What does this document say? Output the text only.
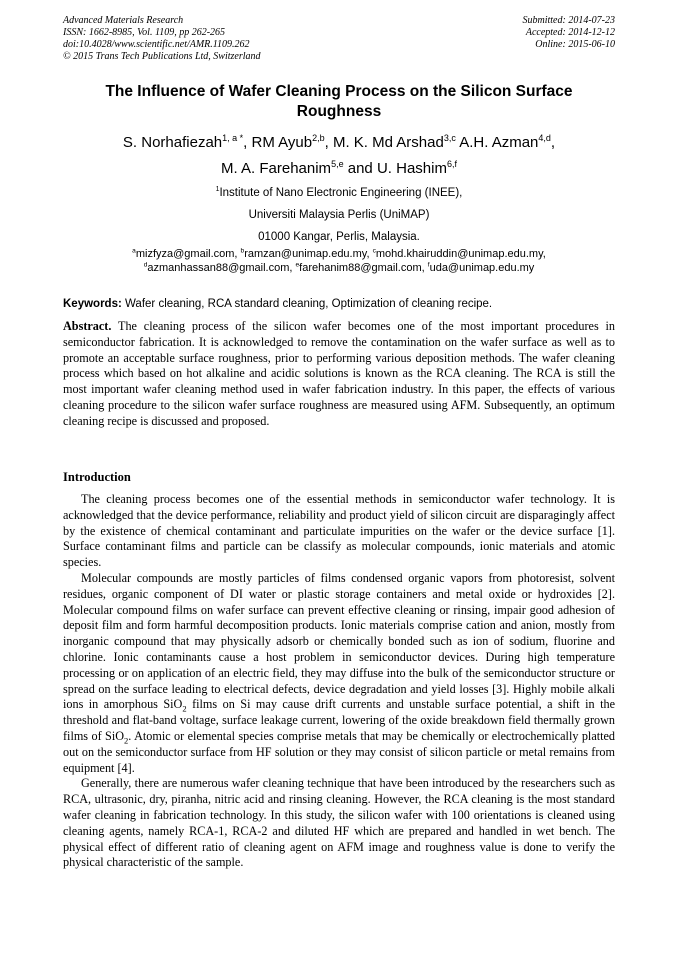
Advanced Materials Research
ISSN: 1662-8985, Vol. 1109, pp 262-265
doi:10.4028/www.scientific.net/AMR.1109.262
© 2015 Trans Tech Publications Ltd, Switzerland
Submitted: 2014-07-23
Accepted: 2014-12-12
Online: 2015-06-10
The Influence of Wafer Cleaning Process on the Silicon Surface Roughness
S. Norhafiezah$^{1, a *}$, RM Ayub$^{2,b}$, M. K. Md Arshad$^{3,c}$ A.H. Azman$^{4,d}$,
M. A. Farehanim$^{5,e}$ and U. Hashim$^{6,f}$
$^1$Institute of Nano Electronic Engineering (INEE),
Universiti Malaysia Perlis (UniMAP)
01000 Kangar, Perlis, Malaysia.
$^a$mizfyza@gmail.com, $^b$ramzan@unimap.edu.my, $^c$mohd.khairuddin@unimap.edu.my,
$^d$azmanhassan88@gmail.com, $^e$farehanim88@gmail.com, $^f$uda@unimap.edu.my
Keywords: Wafer cleaning, RCA standard cleaning, Optimization of cleaning recipe.
Abstract. The cleaning process of the silicon wafer becomes one of the most important procedures in semiconductor fabrication. It is acknowledged to remove the contamination on the wafer surface as well as to promote an acceptable surface roughness, prior to performing various deposition methods. The wafer cleaning process which based on hot alkaline and acidic solutions is known as the RCA cleaning. The RCA is still the most important wafer cleaning method used in wafer fabrication industry. In this paper, the effects of various cleaning procedure to the silicon wafer surface roughness are measured using AFM. Subsequently, an optimum cleaning recipe is discussed and proposed.
Introduction

The cleaning process becomes one of the essential methods in semiconductor wafer technology. It is acknowledged that the device performance, reliability and product yield of silicon circuit are disparagingly affect by the existence of chemical contaminant and particulate impurities on the wafer or the device surface [1]. Surface contaminant films and particle can be classify as molecular compounds, ionic materials and atomic species.

Molecular compounds are mostly particles of films condensed organic vapors from photoresist, solvent residues, organic component of DI water or plastic storage containers and metal oxide or hydroxides [2]. Molecular compound films on wafer surface can prevent effective cleaning or rinsing, impair good adhesion of deposit film and form harmful decomposition products. Ionic materials comprise cation and anion, mostly from inorganic compound that may physically adsorb or chemically bonded such as ion of sodium, fluorine and chlorine. Ionic contaminants cause a host problem in semiconductor devices. During high temperature processing or on application of an electric field, they may diffuse into the bulk of the semiconductor structure or spread on the surface leading to electrical defects, device degradation and yield losses [3]. Highly mobile alkali ions in amorphous SiO$_2$ films on Si may cause drift currents and unstable surface potential, a shift in the threshold and flat-band voltage, surface leakage current, lowering of the oxide breakdown field thermally grown films of SiO$_2$. Atomic or elemental species comprise metals that may be chemically or electrochemically platted out on the semiconductor surface from HF solution or they may consist of silicon particle or metal remains from equipment [4].

Generally, there are numerous wafer cleaning technique that have been introduced by the researchers such as RCA, ultrasonic, dry, piranha, nitric acid and rinsing cleaning. However, the RCA cleaning is the most standard wafer cleaning in fabrication technology. In this study, the silicon wafer with 100 orientations is cleaned using cleaning agents, namely RCA-1, RCA-2 and diluted HF which are prepared and handled in wet bench. The physical effect of different ratio of cleaning agent on AFM image and roughness value is done to verify the physical characteristic of the sample.
